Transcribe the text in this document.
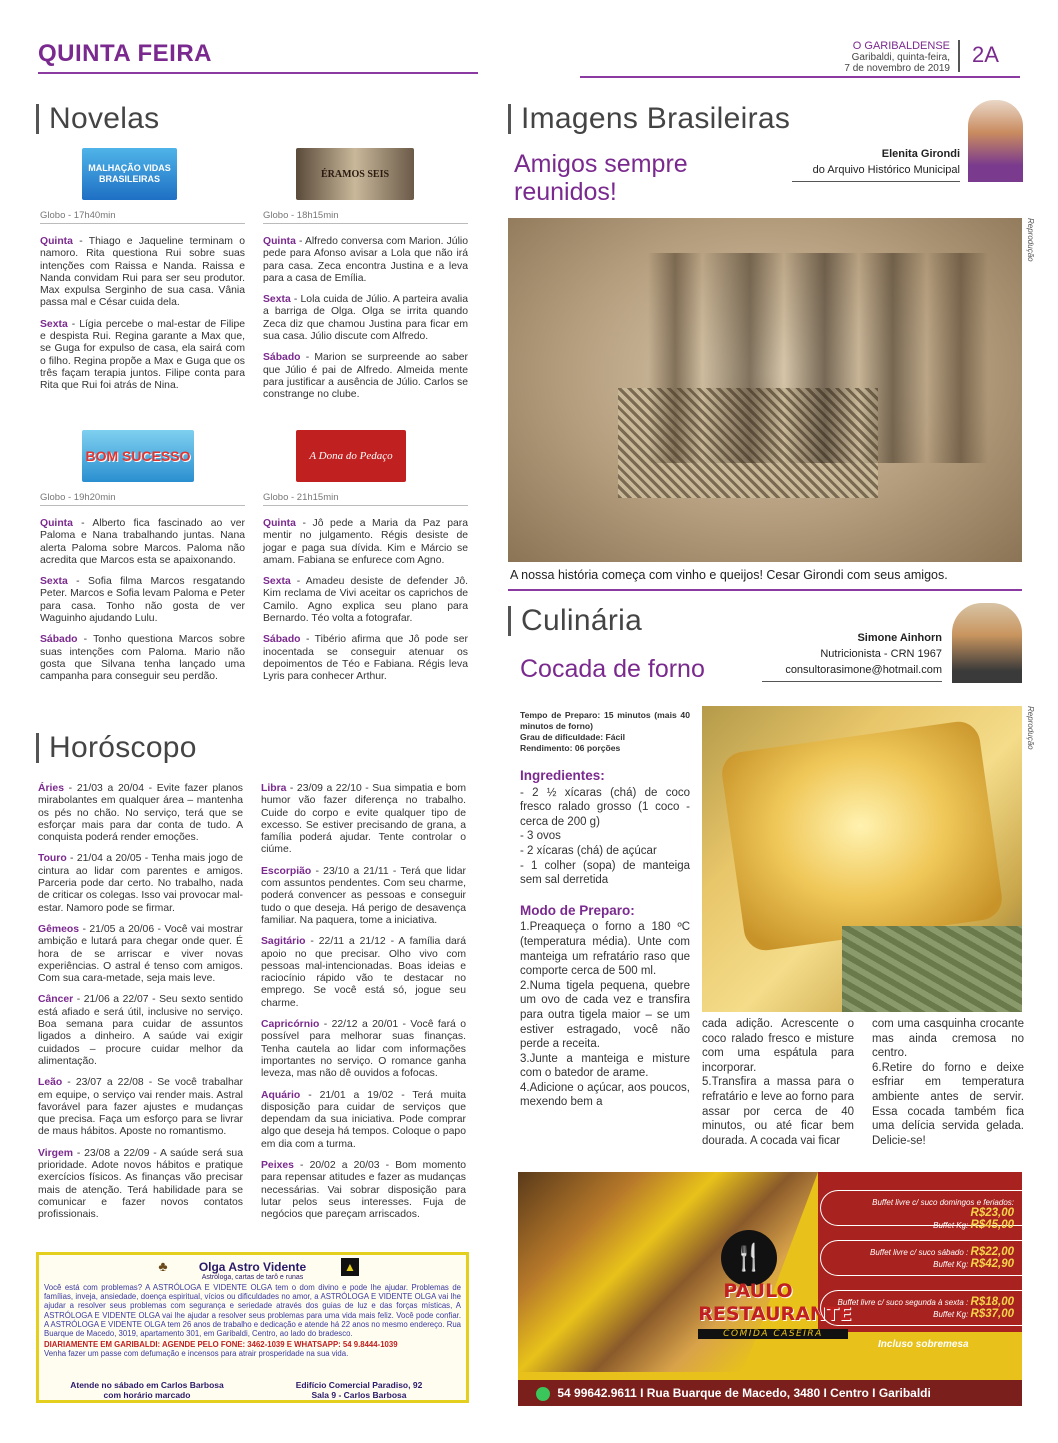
QUINTA FEIRA	O GARIBALDENSE
Garibaldi, quinta-feira,
7 de novembro de 2019
2A
Novelas
MALHAÇÃO VIDAS BRASILEIRAS
Globo - 17h40min

Quinta - Thiago e Jaqueline terminam o namoro. Rita questiona Rui sobre suas intenções com Raissa e Nanda. Raissa e Nanda convidam Rui para ser seu produtor. Max expulsa Serginho de sua casa. Vânia passa mal e César cuida dela.

Sexta - Lígia percebe o mal-estar de Filipe e despista Rui. Regina garante a Max que, se Guga for expulso de casa, ela sairá com o filho. Regina propõe a Max e Guga que os três façam terapia juntos. Filipe conta para Rita que Rui foi atrás de Nina.

ÉRAMOS SEIS
Globo - 18h15min

Quinta - Alfredo conversa com Marion. Júlio pede para Afonso avisar a Lola que não irá para casa. Zeca encontra Justina e a leva para a casa de Emília.

Sexta - Lola cuida de Júlio. A parteira avalia a barriga de Olga. Olga se irrita quando Zeca diz que chamou Justina para ficar em sua casa. Júlio discute com Alfredo.

Sábado - Marion se surpreende ao saber que Júlio é pai de Alfredo. Almeida mente para justificar a ausência de Júlio. Carlos se constrange no clube.

BOM SUCESSO
Globo - 19h20min

Quinta - Alberto fica fascinado ao ver Paloma e Nana trabalhando juntas. Nana alerta Paloma sobre Marcos. Paloma não acredita que Marcos esta se apaixonando.

Sexta - Sofia filma Marcos resgatando Peter. Marcos e Sofia levam Paloma e Peter para casa. Tonho não gosta de ver Waguinho ajudando Lulu.

Sábado - Tonho questiona Marcos sobre suas intenções com Paloma. Mario não gosta que Silvana tenha lançado uma campanha para conseguir seu perdão.

A Dona do Pedaço
Globo - 21h15min

Quinta - Jô pede a Maria da Paz para mentir no julgamento. Régis desiste de jogar e paga sua dívida. Kim e Márcio se amam. Fabiana se enfurece com Agno.

Sexta - Amadeu desiste de defender Jô. Kim reclama de Vivi aceitar os caprichos de Camilo. Agno explica seu plano para Bernardo. Téo volta a fotografar.

Sábado - Tibério afirma que Jô pode ser inocentada se conseguir atenuar os depoimentos de Téo e Fabiana. Régis leva Lyris para conhecer Arthur.

Horóscopo

Áries - 21/03 a 20/04 - Evite fazer planos mirabolantes em qualquer área – mantenha os pés no chão. No serviço, terá que se esforçar mais para dar conta de tudo. A conquista poderá render emoções.

Touro - 21/04 a 20/05 - Tenha mais jogo de cintura ao lidar com parentes e amigos. Parceria pode dar certo. No trabalho, nada de criticar os colegas. Isso vai provocar mal-estar. Namoro pode se firmar.

Gêmeos - 21/05 a 20/06 - Você vai mostrar ambição e lutará para chegar onde quer. É hora de se arriscar e viver novas experiências. O astral é tenso com amigos. Com sua cara-metade, seja mais leve.

Câncer - 21/06 a 22/07 - Seu sexto sentido está afiado e será útil, inclusive no serviço. Boa semana para cuidar de assuntos ligados a dinheiro. A saúde vai exigir cuidados – procure cuidar melhor da alimentação.

Leão - 23/07 a 22/08 - Se você trabalhar em equipe, o serviço vai render mais. Astral favorável para fazer ajustes e mudanças que precisa. Faça um esforço para se livrar de maus hábitos. Aposte no romantismo.

Virgem - 23/08 a 22/09 - A saúde será sua prioridade. Adote novos hábitos e pratique exercícios físicos. As finanças vão precisar mais de atenção. Terá habilidade para se comunicar e fazer novos contatos profissionais.

Libra - 23/09 a 22/10 - Sua simpatia e bom humor vão fazer diferença no trabalho. Cuide do corpo e evite qualquer tipo de excesso. Se estiver precisando de grana, a família poderá ajudar. Tente controlar o ciúme.

Escorpião - 23/10 a 21/11 - Terá que lidar com assuntos pendentes. Com seu charme, poderá convencer as pessoas e conseguir tudo o que deseja. Há perigo de desavença familiar. Na paquera, tome a iniciativa.

Sagitário - 22/11 a 21/12 - A família dará apoio no que precisar. Olho vivo com pessoas mal-intencionadas. Boas ideias e raciocínio rápido vão te destacar no emprego. Se você está só, jogue seu charme.

Capricórnio - 22/12 a 20/01 - Você fará o possível para melhorar suas finanças. Tenha cautela ao lidar com informações importantes no serviço. O romance ganha leveza, mas não dê ouvidos a fofocas.

Aquário - 21/01 a 19/02 - Terá muita disposição para cuidar de serviços que dependam da sua iniciativa. Pode comprar algo que deseja há tempos. Coloque o papo em dia com a turma.

Peixes - 20/02 a 20/03 - Bom momento para repensar atitudes e fazer as mudanças necessárias. Vai sobrar disposição para lutar pelos seus interesses. Fuja de negócios que pareçam arriscados.

♣	▲
Olga Astro Vidente
Astróloga, cartas de tarô e runas
Você está com problemas? A ASTRÓLOGA E VIDENTE OLGA tem o dom divino e pode lhe ajudar. Problemas de famílias, inveja, ansiedade, doença espiritual, vícios ou dificuldades no amor, a ASTRÓLOGA E VIDENTE OLGA vai lhe ajudar a resolver seus problemas com segurança e seriedade através dos guias de luz e das forças místicas, A ASTRÓLOGA E VIDENTE OLGA vai lhe ajudar a resolver seus problemas para uma vida mais feliz. Você pode confiar. A ASTRÓLOGA E VIDENTE OLGA tem 26 anos de trabalho e dedicação e atende há 22 anos no mesmo endereço. Rua Buarque de Macedo, 3019, apartamento 301, em Garibaldi, Centro, ao lado do bradesco.
DIARIAMENTE EM GARIBALDI: AGENDE PELO FONE: 3462-1039 E WHATSAPP: 54 9.8444-1039
Venha fazer um passe com defumação e incensos para atrair prosperidade na sua vida.
Atende no sábado em Carlos Barbosa
com horário marcado
Edifício Comercial Paradiso, 92
Sala 9 - Carlos Barbosa
Imagens Brasileiras
Amigos sempre reunidos!
Elenita Girondi
do Arquivo Histórico Municipal
Reprodução
A nossa história começa com vinho e queijos! Cesar Girondi com seus amigos.
Culinária
Cocada de forno
Simone Ainhorn
Nutricionista - CRN 1967
consultorasimone@hotmail.com
Tempo de Preparo: 15 minutos (mais 40 minutos de forno)
Grau de dificuldade: Fácil
Rendimento: 06 porções	Reprodução
Ingredientes:
- 2 ½ xícaras (chá) de coco fresco ralado grosso (1 coco - cerca de 200 g)
- 3 ovos
- 2 xícaras (chá) de açúcar
- 1 colher (sopa) de manteiga sem sal derretida
Modo de Preparo:
1.Preaqueça o forno a 180 ºC (temperatura média). Unte com manteiga um refratário raso que comporte cerca de 500 ml.
2.Numa tigela pequena, quebre um ovo de cada vez e transfira para outra tigela maior – se um estiver estragado, você não perde a receita.
3.Junte a manteiga e misture com o batedor de arame.
4.Adicione o açúcar, aos poucos, mexendo bem a
cada adição. Acrescente o coco ralado fresco e misture com uma espátula para incorporar.
5.Transfira a massa para o refratário e leve ao forno para assar por cerca de 40 minutos, ou até ficar bem dourada. A cocada vai ficar
com uma casquinha crocante mas ainda cremosa no centro.
6.Retire do forno e deixe esfriar em temperatura ambiente antes de servir. Essa cocada também fica uma delícia servida gelada. Delicie-se!
🍴
PAULO
RESTAURANTE
COMIDA CASEIRA
Buffet livre c/ suco domingos e feriados: R$23,00
Buffet Kg: R$45,00
Buffet livre c/ suco sábado : R$22,00
Buffet Kg: R$42,90
Buffet livre c/ suco segunda à sexta : R$18,00
Buffet Kg: R$37,00
Incluso sobremesa
54 99642.9611 I Rua Buarque de Macedo, 3480 I Centro I Garibaldi
